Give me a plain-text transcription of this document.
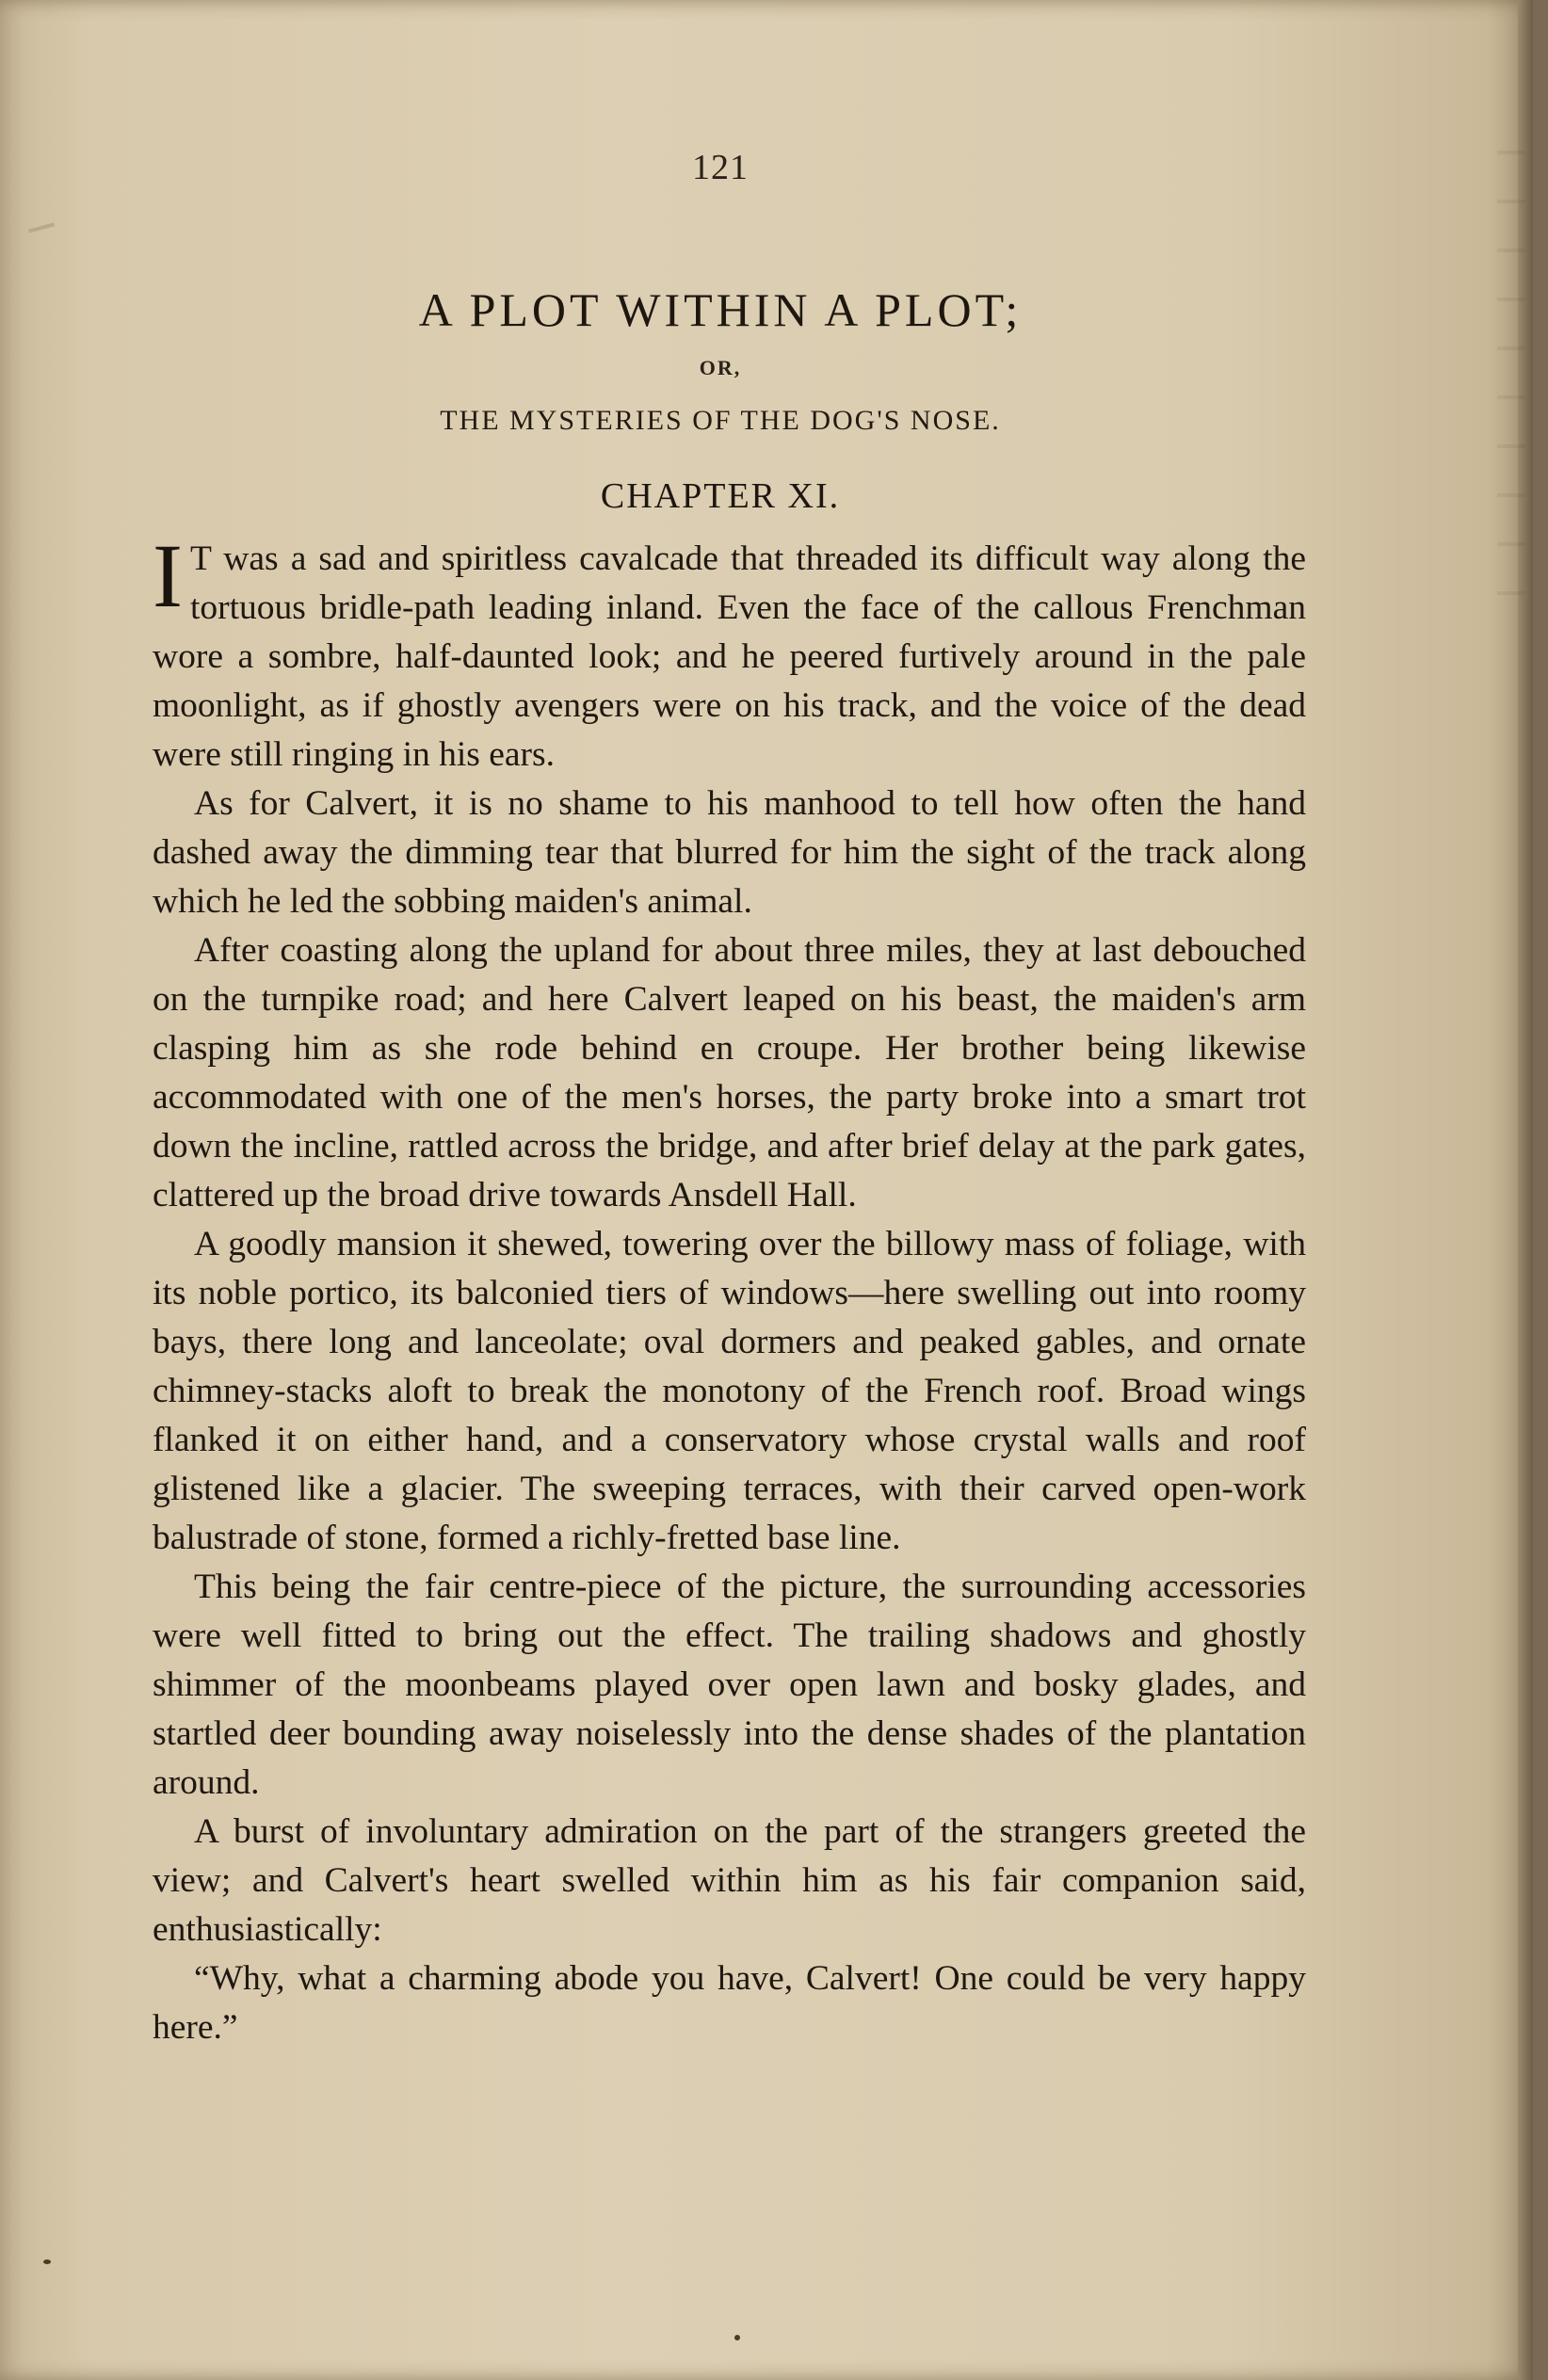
121
A PLOT WITHIN A PLOT;
OR,
THE MYSTERIES OF THE DOG'S NOSE.
CHAPTER XI.

I T was a sad and spiritless cavalcade that threaded its difficult way along the tortuous bridle-path leading inland. Even the face of the callous Frenchman wore a sombre, half-daunted look; and he peered furtively around in the pale moonlight, as if ghostly avengers were on his track, and the voice of the dead were still ringing in his ears.

As for Calvert, it is no shame to his manhood to tell how often the hand dashed away the dimming tear that blurred for him the sight of the track along which he led the sobbing maiden's animal.

After coasting along the upland for about three miles, they at last debouched on the turnpike road; and here Calvert leaped on his beast, the maiden's arm clasping him as she rode behind en croupe. Her brother being likewise accommodated with one of the men's horses, the party broke into a smart trot down the incline, rattled across the bridge, and after brief delay at the park gates, clattered up the broad drive towards Ansdell Hall.

A goodly mansion it shewed, towering over the billowy mass of foliage, with its noble portico, its balconied tiers of windows—here swelling out into roomy bays, there long and lanceolate; oval dormers and peaked gables, and ornate chimney-stacks aloft to break the monotony of the French roof. Broad wings flanked it on either hand, and a conservatory whose crystal walls and roof glistened like a glacier. The sweeping terraces, with their carved open-work balustrade of stone, formed a richly-fretted base line.

This being the fair centre-piece of the picture, the surrounding accessories were well fitted to bring out the effect. The trailing shadows and ghostly shimmer of the moonbeams played over open lawn and bosky glades, and startled deer bounding away noiselessly into the dense shades of the plantation around.

A burst of involuntary admiration on the part of the strangers greeted the view; and Calvert's heart swelled within him as his fair companion said, enthusiastically:

“Why, what a charming abode you have, Calvert! One could be very happy here.”
